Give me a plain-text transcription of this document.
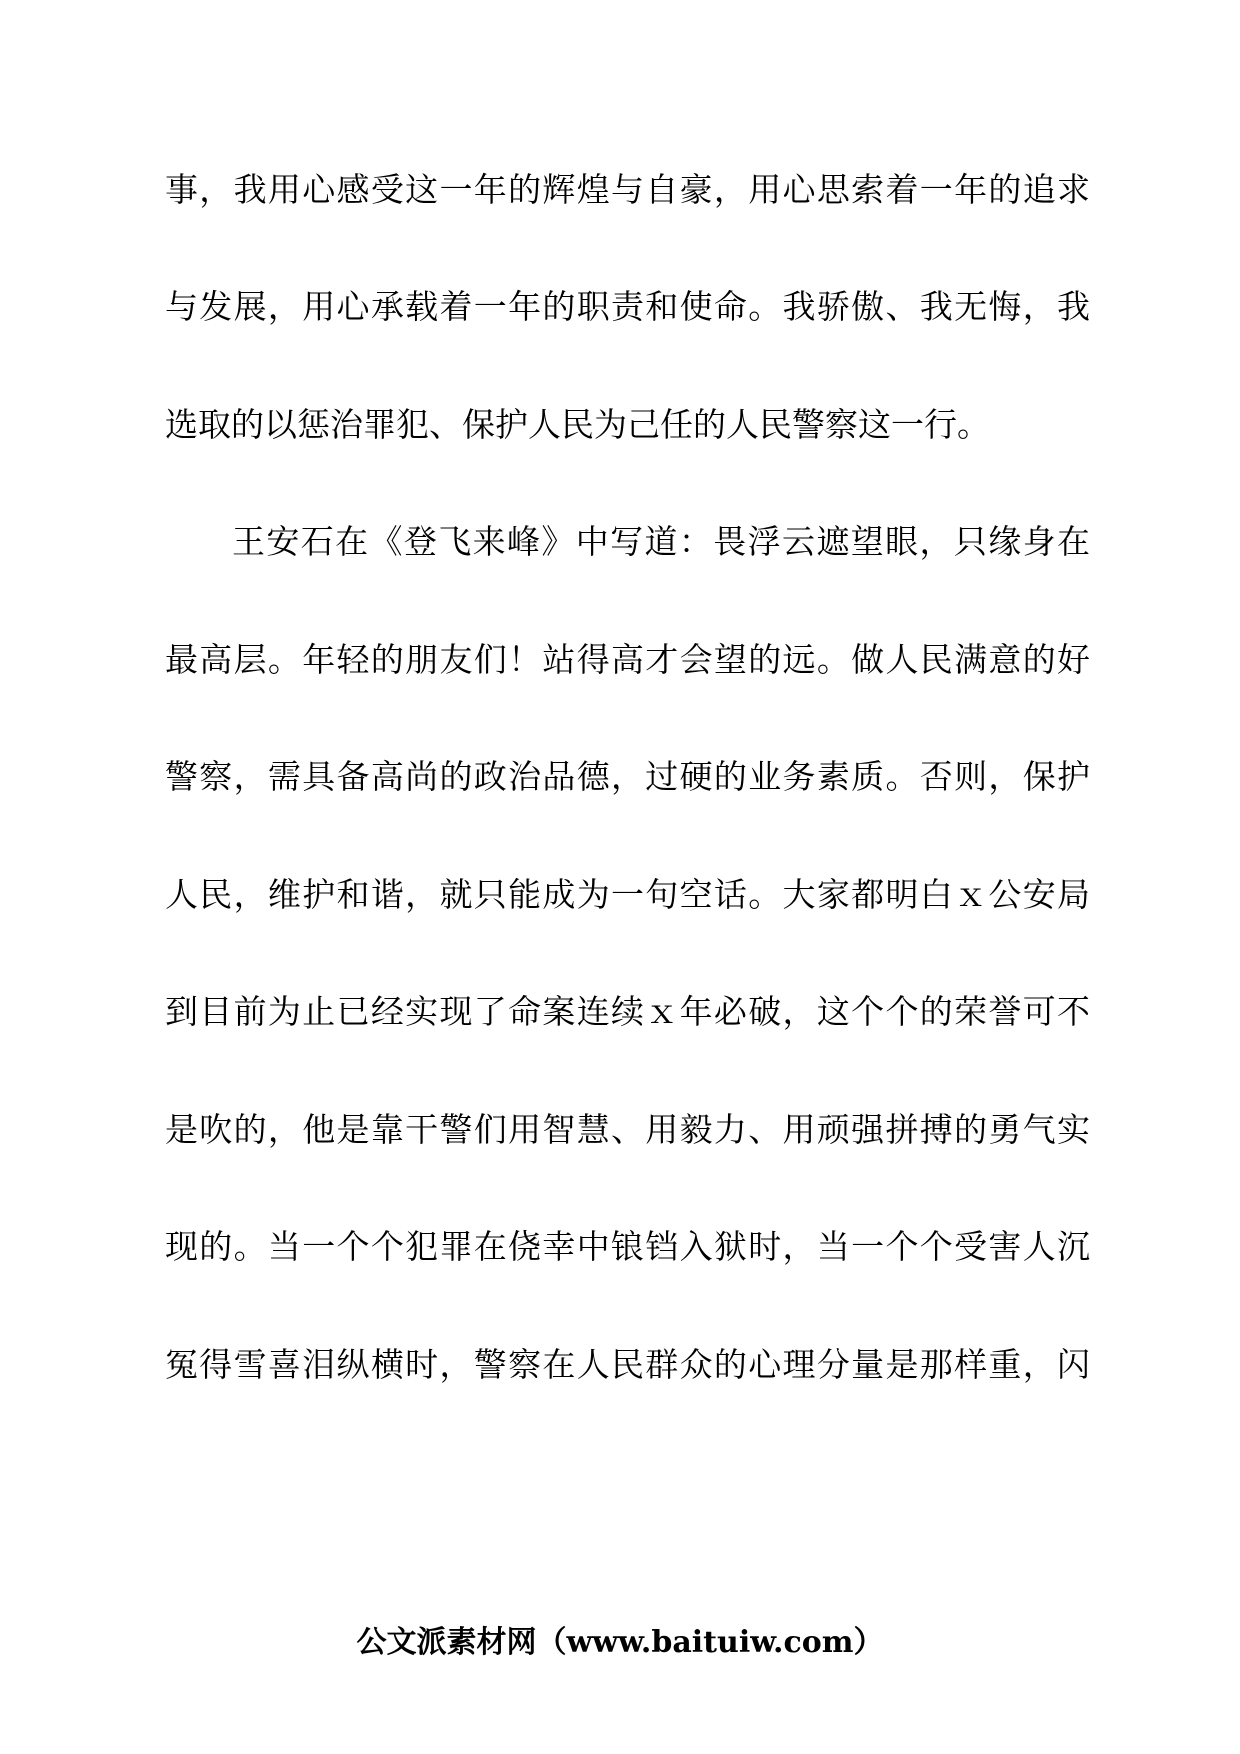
事，我用心感受这一年的辉煌与自豪，用心思索着一年的追求
与发展，用心承载着一年的职责和使命。我骄傲、我无悔，我
选取的以惩治罪犯、保护人民为己任的人民警察这一行。
王安石在《登飞来峰》中写道：畏浮云遮望眼，只缘身在
最高层。年轻的朋友们！站得高才会望的远。做人民满意的好
警察，需具备高尚的政治品德，过硬的业务素质。否则，保护
人民，维护和谐，就只能成为一句空话。大家都明白ｘ公安局
到目前为止已经实现了命案连续ｘ年必破，这个个的荣誉可不
是吹的，他是靠干警们用智慧、用毅力、用顽强拼搏的勇气实
现的。当一个个犯罪在侥幸中锒铛入狱时，当一个个受害人沉
冤得雪喜泪纵横时，警察在人民群众的心理分量是那样重，闪
公文派素材网（www.baituiw.com）
